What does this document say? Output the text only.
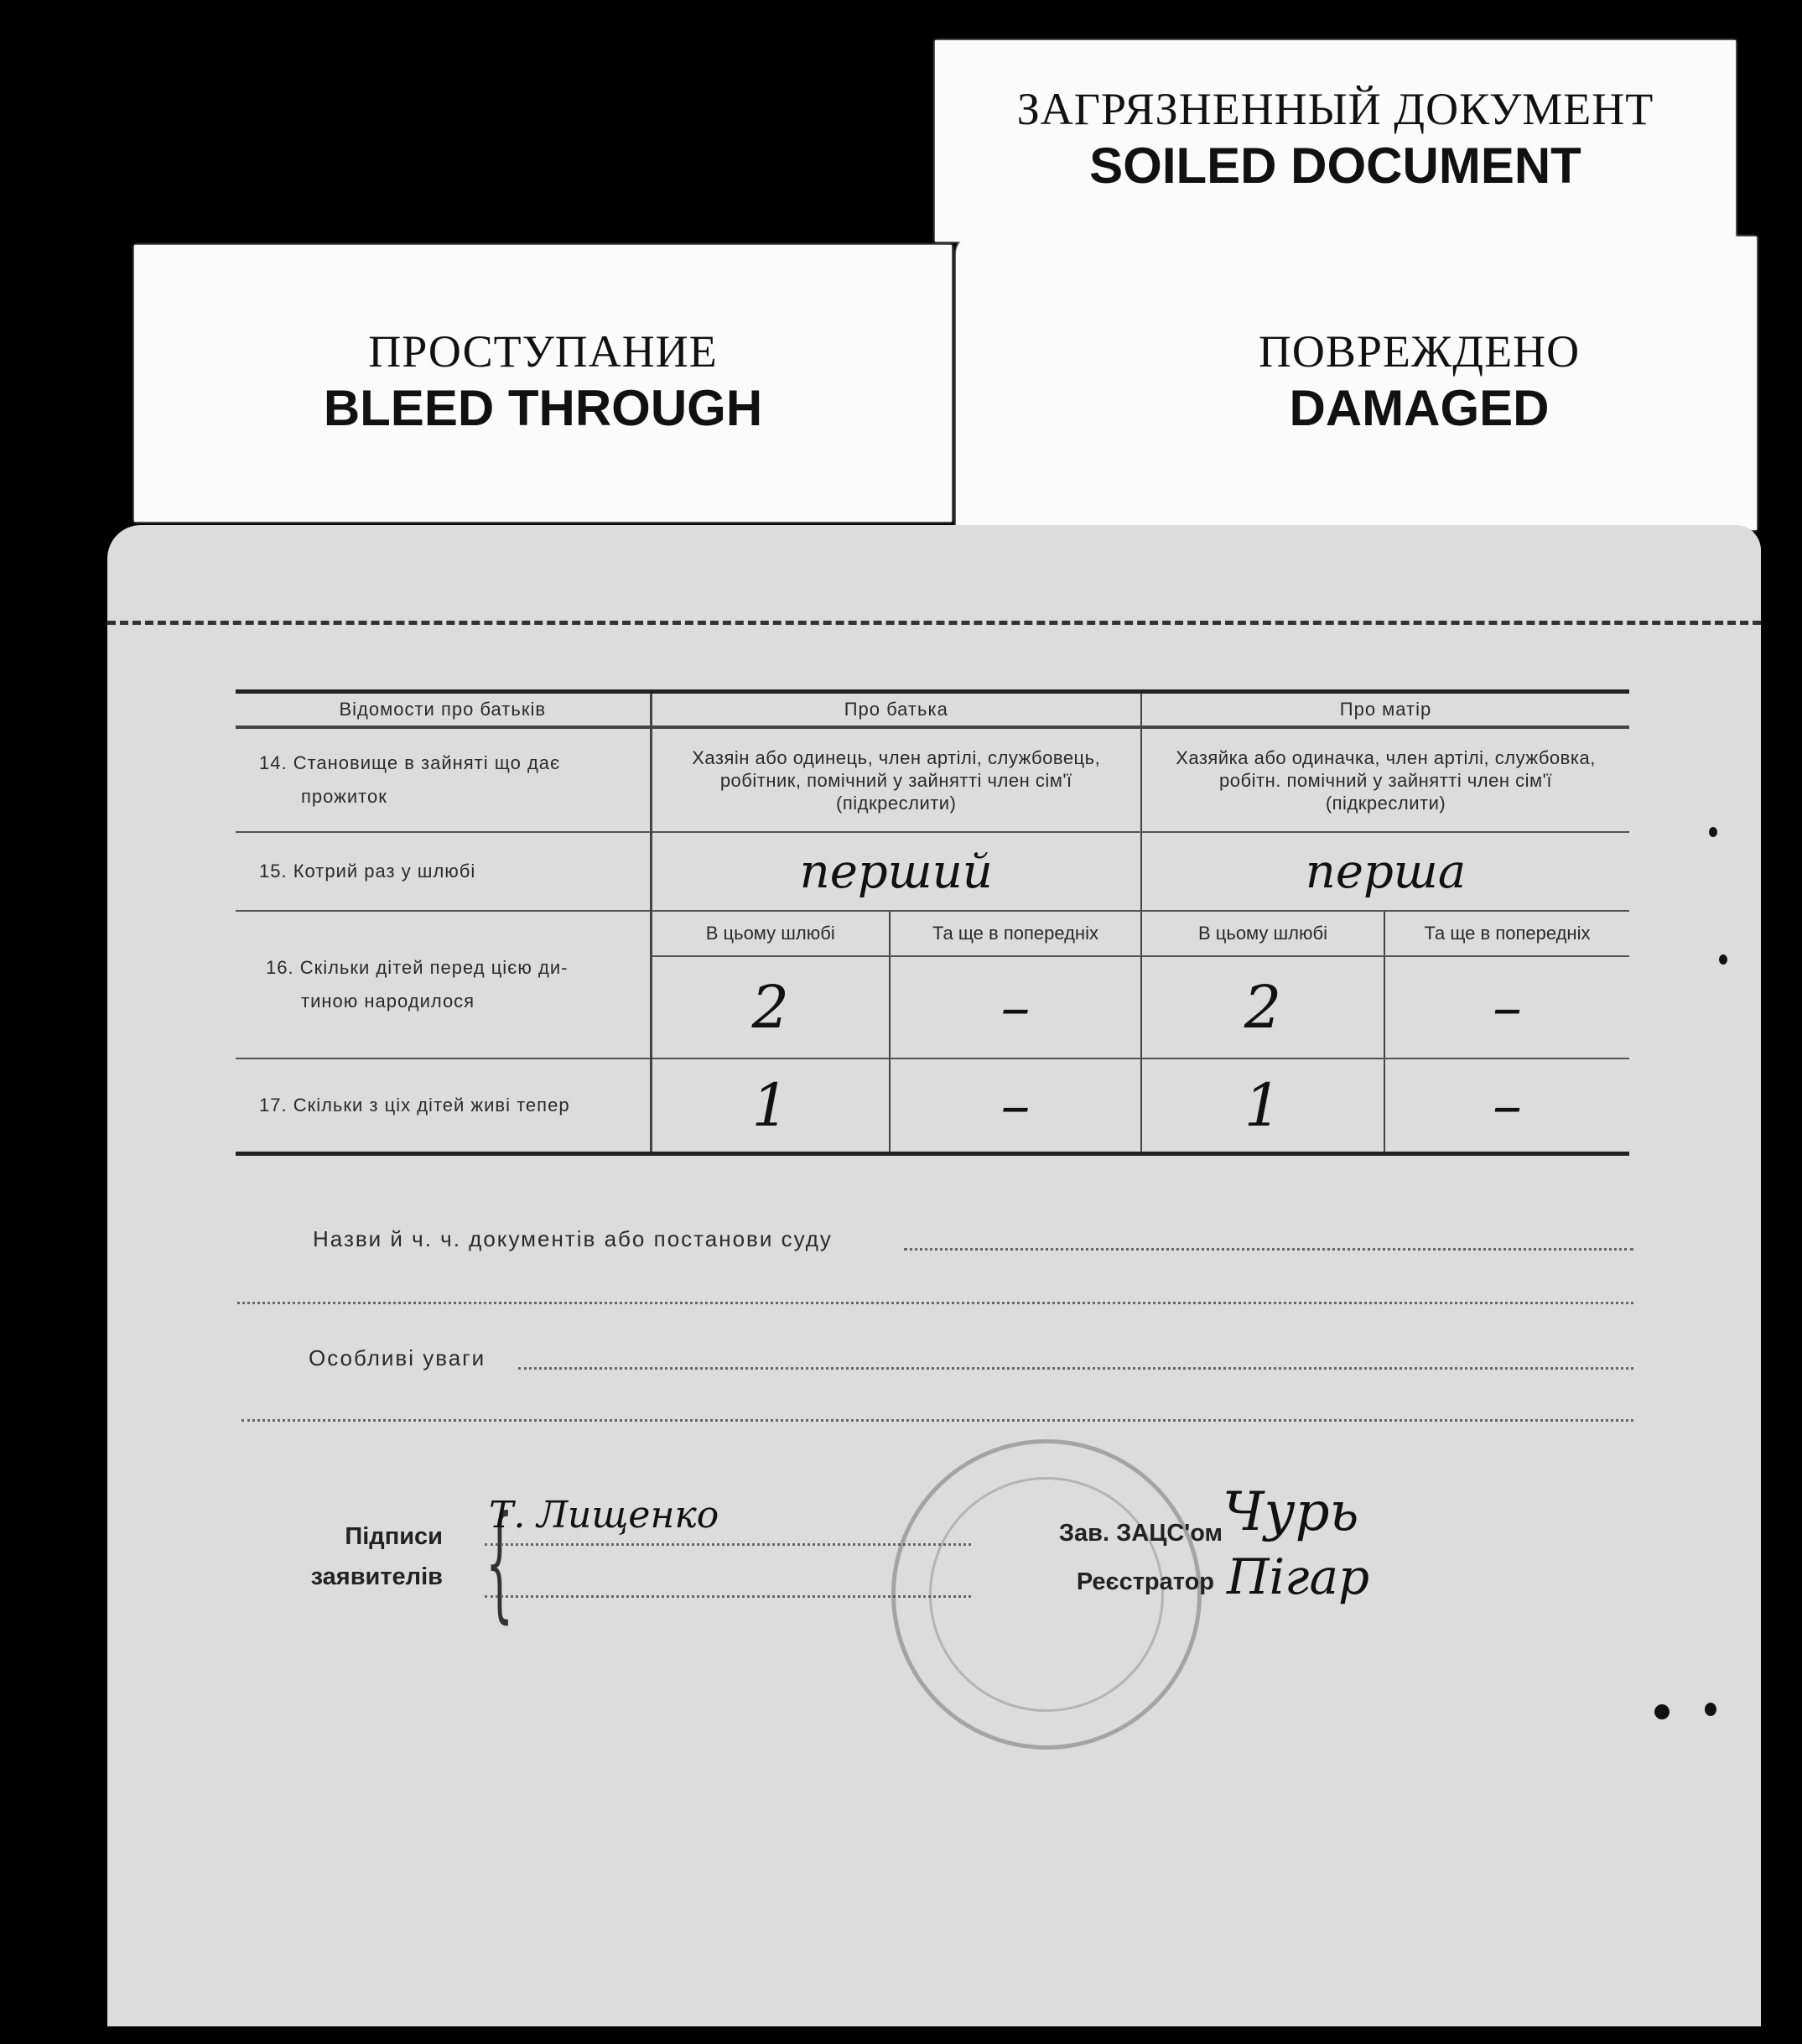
ЗАГРЯЗНЕННЫЙ ДОКУМЕНТ
SOILED DOCUMENT
ПРОСТУПАНИЕ
BLEED THROUGH
ПОВРЕЖДЕНО
DAMAGED
Відомости про батьків	Про батька		Про матір	

14. Становище в зайняті що дає
прожиток	Хазяін або одинець, член артілі, службовець, робітник, помічний у зайнятті член сім'ї (підкреслити)		Хазяйка або одиначка, член артілі, службовка, робітн. помічний у зайнятті член сім'ї (підкреслити)	
15. Котрий раз у шлюбі	перший		перша	

16. Скільки дітей перед цією ди-
тиною народилося	В цьому шлюбі	Та ще в попередніх	В цьому шлюбі	Та ще в попередніх
	2	–	2	–
17. Скільки з ціх дітей живі тепер	1	–	1	–
Назви й ч. ч. документів або постанови суду
Особливі уваги
Підписи
заявителів {
Т. Лищенко	Зав. ЗАЦС'ом Чурь
Реєстратор Пігар
